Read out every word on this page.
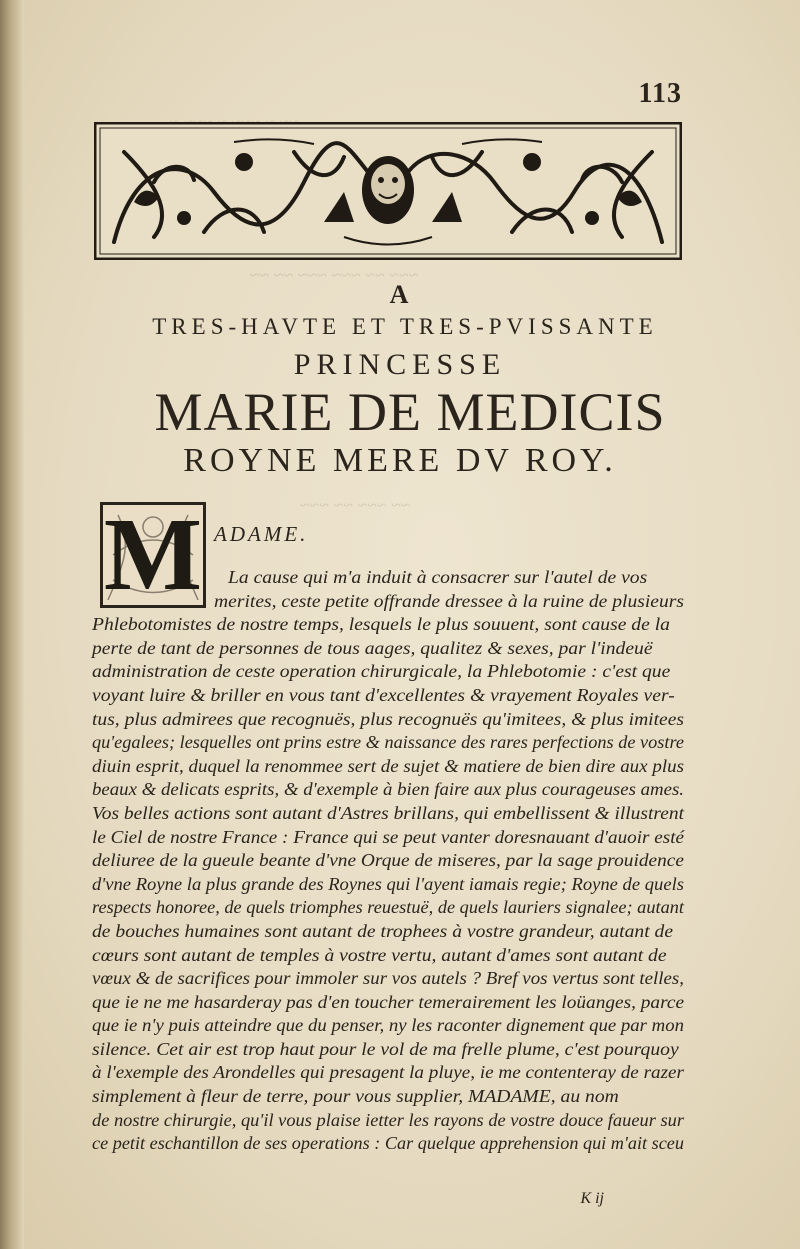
~~~ ~~ ~~~ ~~~ ~~ ~~
~~ ~~~ ~~ ~~~
113
A
TRES-HAVTE ET TRES-PVISSANTE
PRINCESSE
MARIE DE MEDICIS
ROYNE MERE DV ROY.
M ADAME.
La cause qui m'a induit à consacrer sur l'autel de vos
merites, ceste petite offrande dressee à la ruine de plusieurs
Phlebotomistes de nostre temps, lesquels le plus souuent, sont cause de la
perte de tant de personnes de tous aages, qualitez & sexes, par l'indeuë
administration de ceste operation chirurgicale, la Phlebotomie : c'est que
voyant luire & briller en vous tant d'excellentes & vrayement Royales ver-
tus, plus admirees que recognuës, plus recognuës qu'imitees, & plus imitees
qu'egalees; lesquelles ont prins estre & naissance des rares perfections de vostre
diuin esprit, duquel la renommee sert de sujet & matiere de bien dire aux plus
beaux & delicats esprits, & d'exemple à bien faire aux plus courageuses ames.
Vos belles actions sont autant d'Astres brillans, qui embellissent & illustrent
le Ciel de nostre France : France qui se peut vanter doresnauant d'auoir esté
deliuree de la gueule beante d'vne Orque de miseres, par la sage prouidence
d'vne Royne la plus grande des Roynes qui l'ayent iamais regie; Royne de quels
respects honoree, de quels triomphes reuestuë, de quels lauriers signalee; autant
de bouches humaines sont autant de trophees à vostre grandeur, autant de
cœurs sont autant de temples à vostre vertu, autant d'ames sont autant de
vœux & de sacrifices pour immoler sur vos autels ? Bref vos vertus sont telles,
que ie ne me hasarderay pas d'en toucher temerairement les loüanges, parce
que ie n'y puis atteindre que du penser, ny les raconter dignement que par mon
silence. Cet air est trop haut pour le vol de ma frelle plume, c'est pourquoy
à l'exemple des Arondelles qui presagent la pluye, ie me contenteray de razer
simplement à fleur de terre, pour vous supplier, MADAME, au nom
de nostre chirurgie, qu'il vous plaise ietter les rayons de vostre douce faueur sur
ce petit eschantillon de ses operations : Car quelque apprehension qui m'ait sceu
K ij
